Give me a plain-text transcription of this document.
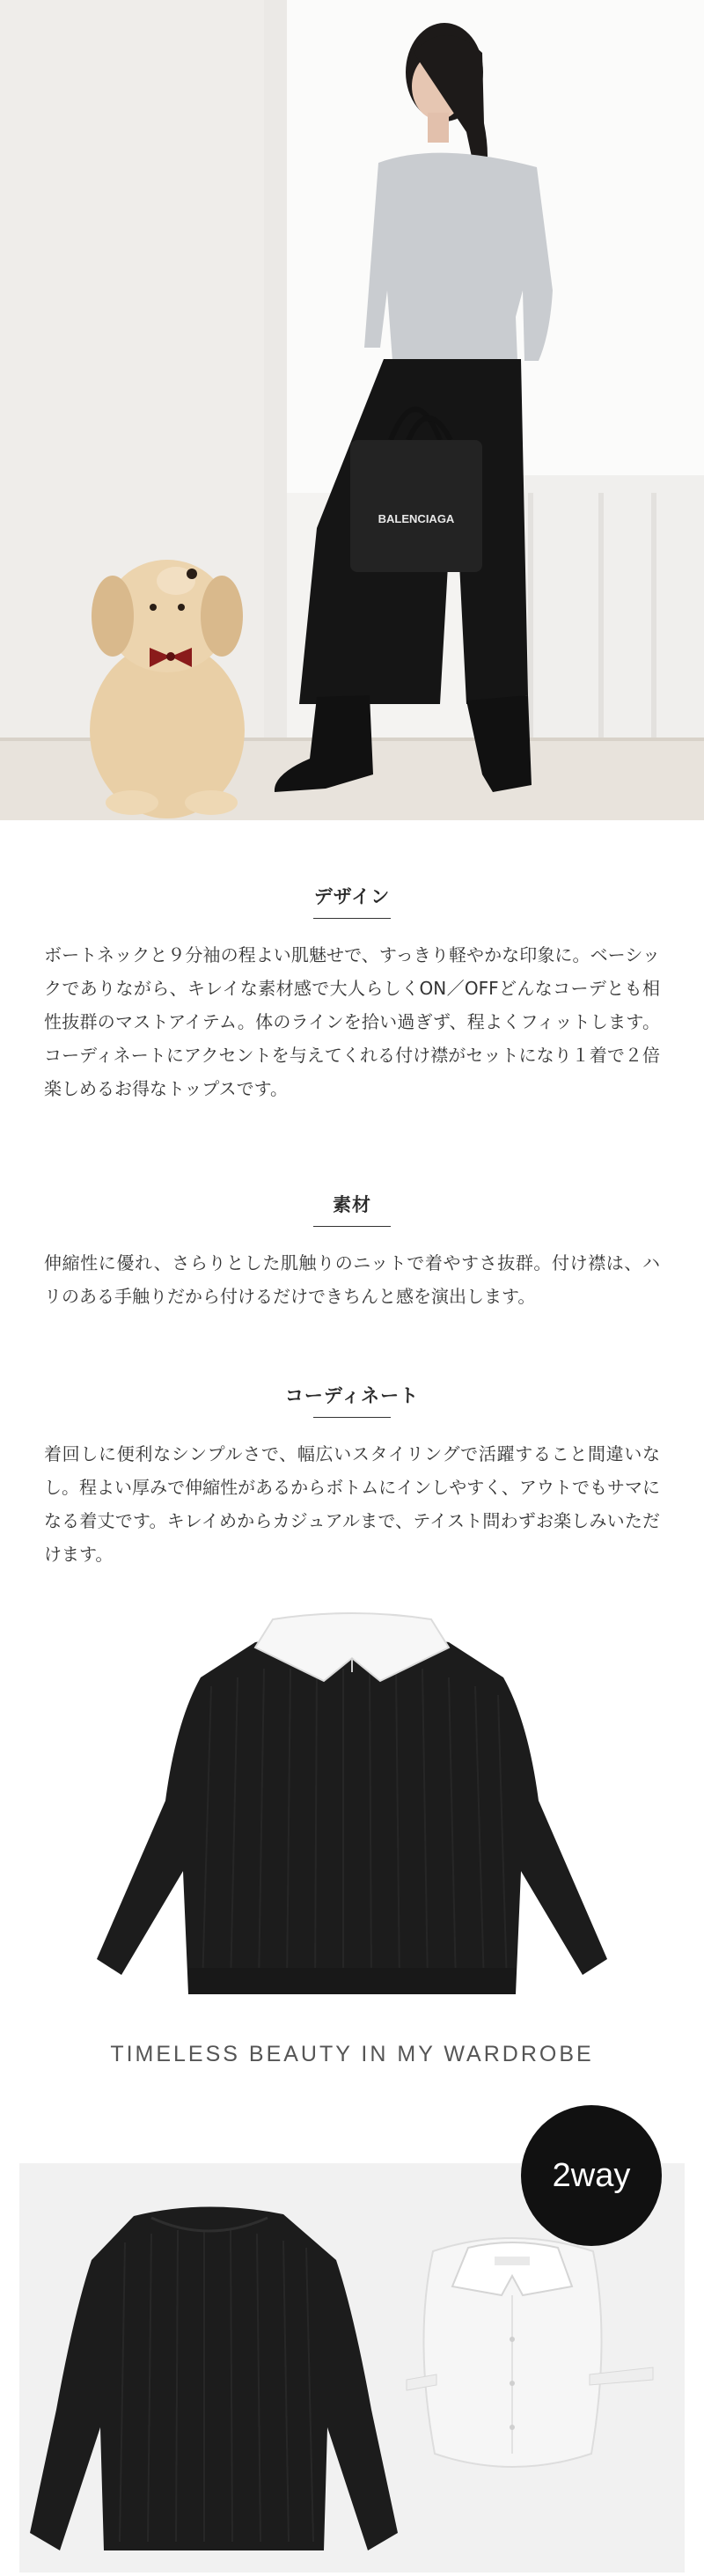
BALENCIAGA
デザイン
ボートネックと９分袖の程よい肌魅せで、すっきり軽やかな印象に。ベーシックでありながら、キレイな素材感で大人らしくON／OFFどんなコーデとも相性抜群のマストアイテム。体のラインを拾い過ぎず、程よくフィットします。コーディネートにアクセントを与えてくれる付け襟がセットになり１着で２倍楽しめるお得なトップスです。
素材
伸縮性に優れ、さらりとした肌触りのニットで着やすさ抜群。付け襟は、ハリのある手触りだから付けるだけできちんと感を演出します。
コーディネート
着回しに便利なシンプルさで、幅広いスタイリングで活躍すること間違いなし。程よい厚みで伸縮性があるからボトムにインしやすく、アウトでもサマになる着丈です。キレイめからカジュアルまで、テイスト問わずお楽しみいただけます。
TIMELESS BEAUTY IN MY WARDROBE
2way
